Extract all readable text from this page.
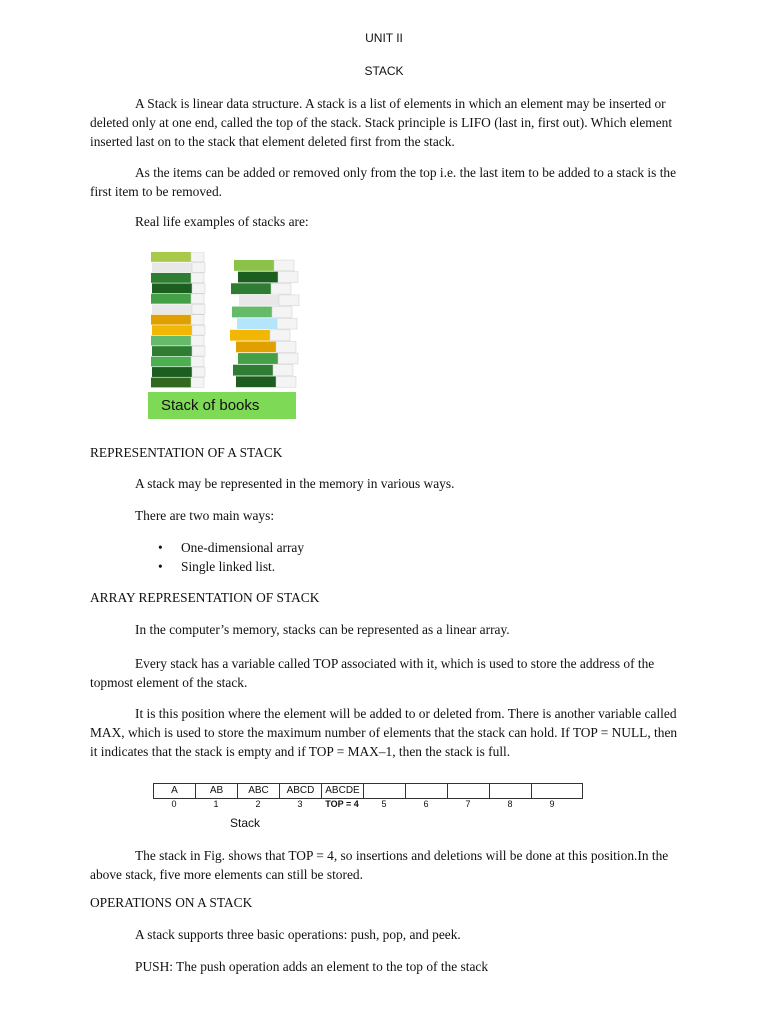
UNIT II
STACK
A Stack is linear data structure. A stack is a list of elements in which an element may be inserted or deleted only at one end, called the top of the stack. Stack principle is LIFO (last in, first out). Which element inserted last on to the stack that element deleted first from the stack.
As the items can be added or removed only from the top i.e. the last item to be added to a stack is the first item to be removed.
Real life examples of stacks are:
Stack of books
REPRESENTATION OF A STACK
A stack may be represented in the memory in various ways.
There are two main ways:
• One-dimensional array
• Single linked list.
ARRAY REPRESENTATION OF STACK
In the computer’s memory, stacks can be represented as a linear array.
Every stack has a variable called TOP associated with it, which is used to store the address of the topmost element of the stack.
It is this position where the element will be added to or deleted from. There is another variable called MAX, which is used to store the maximum number of elements that the stack can hold. If TOP = NULL, then it indicates that the stack is empty and if TOP = MAX–1, then the stack is full.
A	AB	ABC	ABCD	ABCDE
0	1	2	3	TOP = 4	5	6	7	8	9
Stack
The stack in Fig. shows that TOP = 4, so insertions and deletions will be done at this position.In the above stack, five more elements can still be stored.
OPERATIONS ON A STACK
A stack supports three basic operations: push, pop, and peek.
PUSH: The push operation adds an element to the top of the stack
